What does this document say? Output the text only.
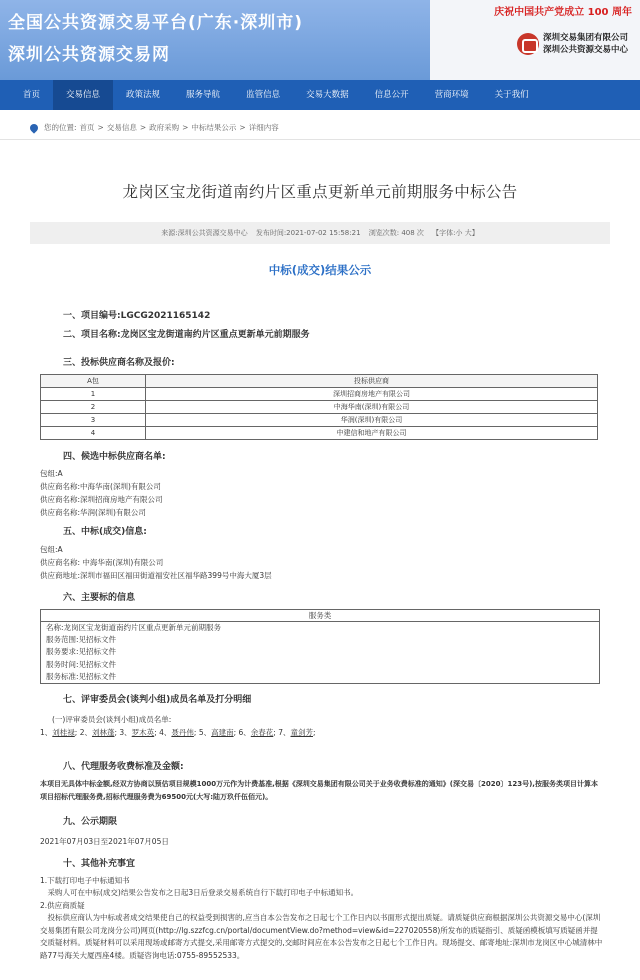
全国公共资源交易平台(广东·深圳市)
深圳公共资源交易网
庆祝中国共产党成立 100 周年
深圳交易集团有限公司
深圳公共资源交易中心
首页	交易信息	政策法规	服务导航	监管信息	交易大数据	信息公开	营商环境	关于我们
您的位置: 首页 > 交易信息 > 政府采购 > 中标结果公示 > 详细内容
龙岗区宝龙街道南约片区重点更新单元前期服务中标公告
来源:深圳公共资源交易中心 发布时间:2021-07-02 15:58:21 浏览次数: 408 次 【字体:小 大】
中标(成交)结果公示
一、项目编号:LGCG2021165142
二、项目名称:龙岗区宝龙街道南约片区重点更新单元前期服务
三、投标供应商名称及报价:
A包	投标供应商
1	深圳招商房地产有限公司
2	中海华南(深圳)有限公司
3	华润(深圳)有限公司
4	中建信和地产有限公司
四、候选中标供应商名单:
包组:A
供应商名称:中海华南(深圳)有限公司
供应商名称:深圳招商房地产有限公司
供应商名称:华润(深圳)有限公司
五、中标(成交)信息:
包组:A
供应商名称: 中海华南(深圳)有限公司
供应商地址:深圳市福田区福田街道福安社区福华路399号中海大厦3层
六、主要标的信息
服务类
名称:龙岗区宝龙街道南约片区重点更新单元前期服务
服务范围:见招标文件
服务要求:见招标文件
服务时间:见招标文件
服务标准:见招标文件
七、评审委员会(谈判小组)成员名单及打分明细
(一)评审委员会(谈判小组)成员名单:
1、刘桂禄; 2、刘林蓬; 3、罗木英; 4、聂丹伟; 5、高建南; 6、余春花; 7、童剑芳;
八、代理服务收费标准及金额:
本项目无具体中标金额,经双方协商以预估项目规模1000万元作为计费基准,根据《深圳交易集团有限公司关于业务收费标准的通知》(深交易〔2020〕123号),按服务类项目计算本项目招标代理服务费,招标代理服务费为69500元(大写:陆万玖仟伍佰元)。
九、公示期限
2021年07月03日至2021年07月05日
十、其他补充事宜
1.下载打印电子中标通知书
　采购人可在中标(成交)结果公告发布之日起3日后登录交易系统自行下载打印电子中标通知书。
2.供应商质疑
　投标供应商认为中标或者成交结果使自己的权益受到损害的,应当自本公告发布之日起七个工作日内以书面形式提出质疑。请质疑供应商根据深圳公共资源交易中心(深圳交易集团有限公司龙岗分公司)网页(http://lg.szzfcg.cn/portal/documentView.do?method=view&id=227020558)所发布的质疑指引、质疑函模板填写质疑函并提交质疑材料。质疑材料可以采用现场或邮寄方式提交,采用邮寄方式提交的,交邮时间应在本公告发布之日起七个工作日内。现场提交、邮寄地址:深圳市龙岗区中心城清林中路77号海关大厦西座4楼。质疑咨询电话:0755-89552533。
